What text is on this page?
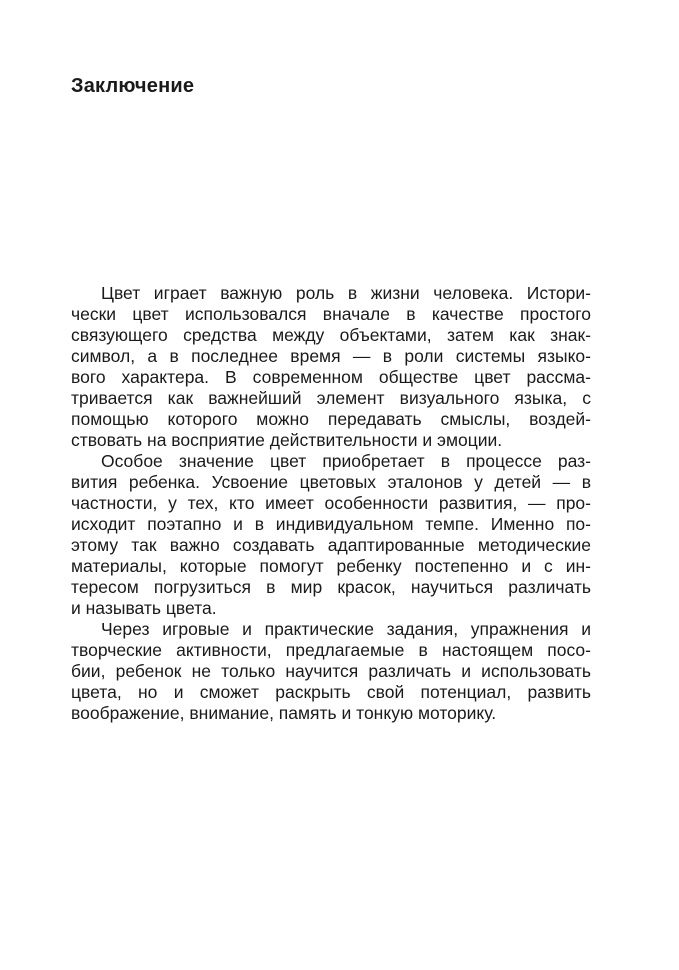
Заключение
Цвет играет важную роль в жизни человека. Истори-
чески цвет использовался вначале в качестве простого
связующего средства между объектами, затем как знак-
символ, а в последнее время — в роли системы языко-
вого характера. В современном обществе цвет рассма-
тривается как важнейший элемент визуального языка, с
помощью которого можно передавать смыслы, воздей-
ствовать на восприятие действительности и эмоции.
Особое значение цвет приобретает в процессе раз-
вития ребенка. Усвоение цветовых эталонов у детей — в
частности, у тех, кто имеет особенности развития, — про-
исходит поэтапно и в индивидуальном темпе. Именно по-
этому так важно создавать адаптированные методические
материалы, которые помогут ребенку постепенно и с ин-
тересом погрузиться в мир красок, научиться различать
и называть цвета.
Через игровые и практические задания, упражнения и
творческие активности, предлагаемые в настоящем посо-
бии, ребенок не только научится различать и использовать
цвета, но и сможет раскрыть свой потенциал, развить
воображение, внимание, память и тонкую моторику.
